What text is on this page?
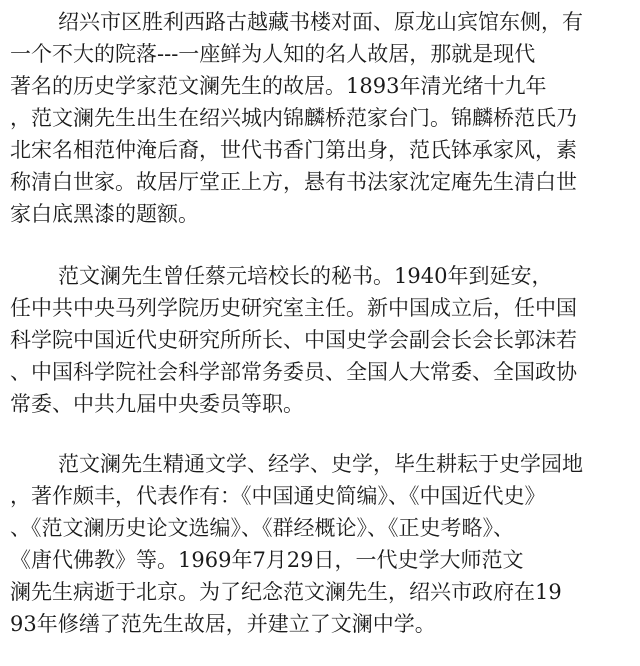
绍兴市区胜利西路古越藏书楼对面、原龙山宾馆东侧，有
一个不大的院落---一座鲜为人知的名人故居，那就是现代
著名的历史学家范文澜先生的故居。1893年清光绪十九年
，范文澜先生出生在绍兴城内锦麟桥范家台门。锦麟桥范氏乃
北宋名相范仲淹后裔，世代书香门第出身，范氏钵承家风，素
称清白世家。故居厅堂正上方，悬有书法家沈定庵先生清白世
家白底黑漆的题额。
范文澜先生曾任蔡元培校长的秘书。1940年到延安，
任中共中央马列学院历史研究室主任。新中国成立后，任中国
科学院中国近代史研究所所长、中国史学会副会长会长郭沫若
、中国科学院社会科学部常务委员、全国人大常委、全国政协
常委、中共九届中央委员等职。
范文澜先生精通文学、经学、史学，毕生耕耘于史学园地
，著作颇丰，代表作有：《中国通史简编》、《中国近代史》
、《范文澜历史论文选编》、《群经概论》、《正史考略》、
《唐代佛教》等。1969年7月29日，一代史学大师范文
澜先生病逝于北京。为了纪念范文澜先生，绍兴市政府在19
93年修缮了范先生故居，并建立了文澜中学。
